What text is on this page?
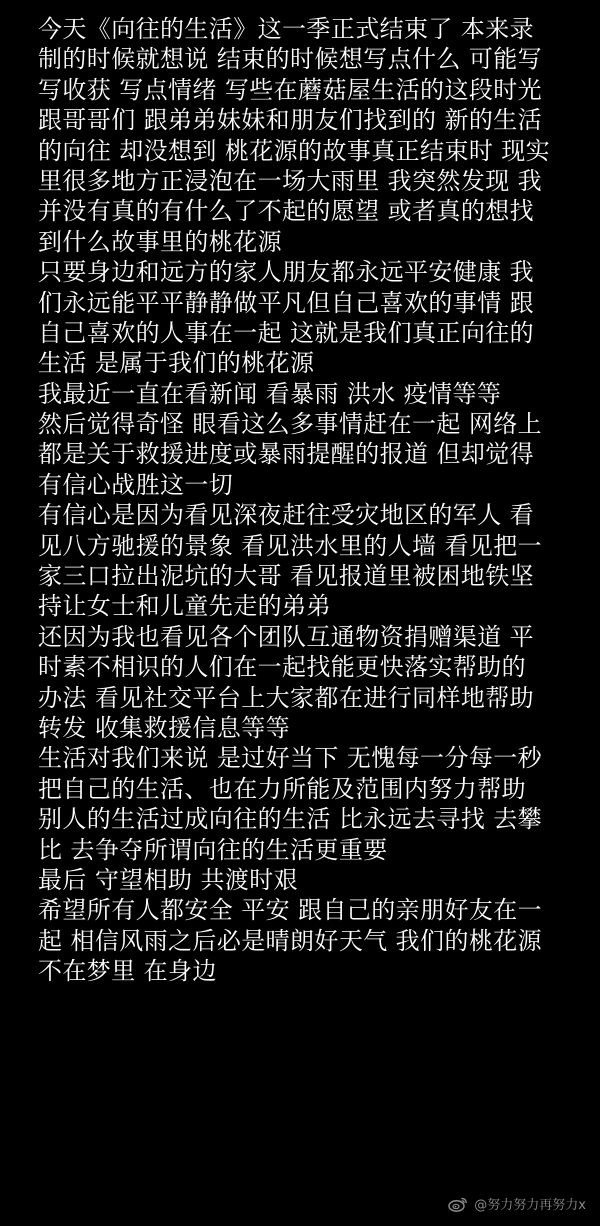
今天《向往的生活》这一季正式结束了 本来录
制的时候就想说 结束的时候想写点什么 可能写
写收获 写点情绪 写些在蘑菇屋生活的这段时光
跟哥哥们 跟弟弟妹妹和朋友们找到的 新的生活
的向往 却没想到 桃花源的故事真正结束时 现实
里很多地方正浸泡在一场大雨里 我突然发现 我
并没有真的有什么了不起的愿望 或者真的想找
到什么故事里的桃花源
只要身边和远方的家人朋友都永远平安健康 我
们永远能平平静静做平凡但自己喜欢的事情 跟
自己喜欢的人事在一起 这就是我们真正向往的
生活 是属于我们的桃花源
我最近一直在看新闻 看暴雨 洪水 疫情等等
然后觉得奇怪 眼看这么多事情赶在一起 网络上
都是关于救援进度或暴雨提醒的报道 但却觉得
有信心战胜这一切
有信心是因为看见深夜赶往受灾地区的军人 看
见八方驰援的景象 看见洪水里的人墙 看见把一
家三口拉出泥坑的大哥 看见报道里被困地铁坚
持让女士和儿童先走的弟弟
还因为我也看见各个团队互通物资捐赠渠道 平
时素不相识的人们在一起找能更快落实帮助的
办法 看见社交平台上大家都在进行同样地帮助
转发 收集救援信息等等
生活对我们来说 是过好当下 无愧每一分每一秒
把自己的生活、也在力所能及范围内努力帮助
别人的生活过成向往的生活 比永远去寻找 去攀
比 去争夺所谓向往的生活更重要
最后 守望相助 共渡时艰
希望所有人都安全 平安 跟自己的亲朋好友在一
起 相信风雨之后必是晴朗好天气 我们的桃花源
不在梦里 在身边
@努力努力再努力x
